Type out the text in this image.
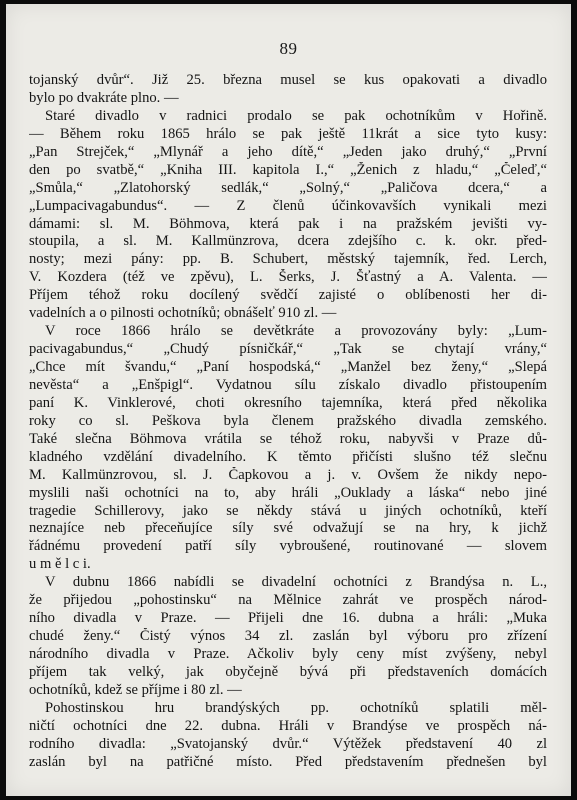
89
tojanský dvůr“. Již 25. března musel se kus opakovati a divadlo
bylo po dvakráte plno. —
Staré divadlo v radnici prodalo se pak ochotníkům v Hořině.
— Během roku 1865 hrálo se pak ještě 11krát a sice tyto kusy:
„Pan Strejček,“ „Mlynář a jeho dítě,“ „Jeden jako druhý,“ „První
den po svatbě,“ „Kniha III. kapitola I.,“ „Ženich z hladu,“ „Čeleď,“
„Smůla,“ „Zlatohorský sedlák,“ „Solný,“ „Paličova dcera,“ a
„Lumpacivagabundus“. — Z členů účinkovavších vynikali mezi
dámami: sl. M. Böhmova, která pak i na pražském jevišti vy-
stoupila, a sl. M. Kallmünzrova, dcera zdejšího c. k. okr. před-
nosty; mezi pány: pp. B. Schubert, městský tajemník, řed. Lerch,
V. Kozdera (též ve zpěvu), L. Šerks, J. Šťastný a A. Valenta. —
Příjem téhož roku docílený svědčí zajisté o oblíbenosti her di-
vadelních a o pilnosti ochotníků; obnášelť 910 zl. —
V roce 1866 hrálo se devětkráte a provozovány byly: „Lum-
pacivagabundus,“ „Chudý písničkář,“ „Tak se chytají vrány,“
„Chce mít švandu,“ „Paní hospodská,“ „Manžel bez ženy,“ „Slepá
nevěsta“ a „Enšpigl“. Vydatnou sílu získalo divadlo přistoupením
paní K. Vinklerové, choti okresního tajemníka, která před několika
roky co sl. Peškova byla členem pražského divadla zemského.
Také slečna Böhmova vrátila se téhož roku, nabyvši v Praze dů-
kladného vzdělání divadelního. K těmto přičísti slušno též slečnu
M. Kallmünzrovou, sl. J. Čapkovou a j. v. Ovšem že nikdy nepo-
myslili naši ochotníci na to, aby hráli „Ouklady a láska“ nebo jiné
tragedie Schillerovy, jako se někdy stává u jiných ochotníků, kteří
neznajíce neb přeceňujíce síly své odvažují se na hry, k jichž
řádnému provedení patří síly vybroušené, routinované — slovem
u m ě l c i.
V dubnu 1866 nabídli se divadelní ochotníci z Brandýsa n. L.,
že přijedou „pohostinsku“ na Mělnice zahrát ve prospěch národ-
ního divadla v Praze. — Přijeli dne 16. dubna a hráli: „Muka
chudé ženy.“ Čistý výnos 34 zl. zaslán byl výboru pro zřízení
národního divadla v Praze. Ačkoliv byly ceny míst zvýšeny, nebyl
příjem tak velký, jak obyčejně bývá při představeních domácích
ochotníků, kdež se příjme i 80 zl. —
Pohostinskou hru brandýských pp. ochotníků splatili měl-
ničtí ochotníci dne 22. dubna. Hráli v Brandýse ve prospěch ná-
rodního divadla: „Svatojanský dvůr.“ Výtěžek představení 40 zl
zaslán byl na patřičné místo. Před představením přednešen byl
